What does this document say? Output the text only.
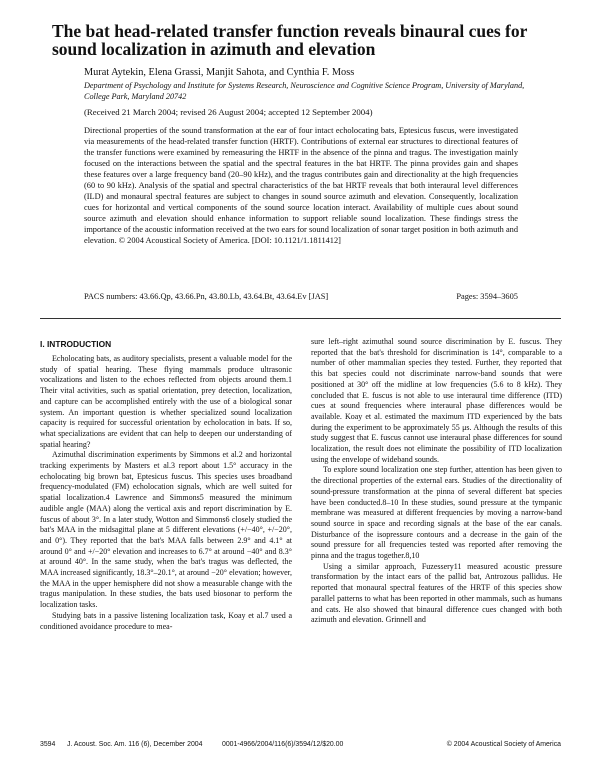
The bat head-related transfer function reveals binaural cues for sound localization in azimuth and elevation

Murat Aytekin, Elena Grassi, Manjit Sahota, and Cynthia F. Moss

Department of Psychology and Institute for Systems Research, Neuroscience and Cognitive Science Program, University of Maryland, College Park, Maryland 20742

(Received 21 March 2004; revised 26 August 2004; accepted 12 September 2004)

Directional properties of the sound transformation at the ear of four intact echolocating bats, Eptesicus fuscus, were investigated via measurements of the head-related transfer function (HRTF). Contributions of external ear structures to directional features of the transfer functions were examined by remeasuring the HRTF in the absence of the pinna and tragus. The investigation mainly focused on the interactions between the spatial and the spectral features in the bat HRTF. The pinna provides gain and shapes these features over a large frequency band (20–90 kHz), and the tragus contributes gain and directionality at the high frequencies (60 to 90 kHz). Analysis of the spatial and spectral characteristics of the bat HRTF reveals that both interaural level differences (ILD) and monaural spectral features are subject to changes in sound source azimuth and elevation. Consequently, localization cues for horizontal and vertical components of the sound source location interact. Availability of multiple cues about sound source azimuth and elevation should enhance information to support reliable sound localization. These findings stress the importance of the acoustic information received at the two ears for sound localization of sonar target position in both azimuth and elevation. © 2004 Acoustical Society of America. [DOI: 10.1121/1.1811412]

PACS numbers: 43.66.Qp, 43.66.Pn, 43.80.Lb, 43.64.Bt, 43.64.Ev [JAS]	Pages: 3594–3605

I. INTRODUCTION

Echolocating bats, as auditory specialists, present a valuable model for the study of spatial hearing. These flying mammals produce ultrasonic vocalizations and listen to the echoes reflected from objects around them.1 Their vital activities, such as spatial orientation, prey detection, localization, and capture can be accomplished entirely with the use of a biological sonar system. An important question is whether specialized sound localization capacity is required for successful orientation by echolocation in bats. If so, what specializations are evident that can help to deepen our understanding of spatial hearing?

Azimuthal discrimination experiments by Simmons et al.2 and horizontal tracking experiments by Masters et al.3 report about 1.5° accuracy in the echolocating big brown bat, Eptesicus fuscus. This species uses broadband frequency-modulated (FM) echolocation signals, which are well suited for spatial localization.4 Lawrence and Simmons5 measured the minimum audible angle (MAA) along the vertical axis and report discrimination by E. fuscus of about 3°. In a later study, Wotton and Simmons6 closely studied the bat's MAA in the midsagittal plane at 5 different elevations (+/−40°, +/−20°, and 0°). They reported that the bat's MAA falls between 2.9° and 4.1° at around 0° and +/−20° elevation and increases to 6.7° at around −40° and 8.3° at around 40°. In the same study, when the bat's tragus was deflected, the MAA increased significantly, 18.3°–20.1°, at around −20° elevation; however, the MAA in the upper hemisphere did not show a measurable change with the tragus manipulation. In these studies, the bats used biosonar to perform the localization tasks.

Studying bats in a passive listening localization task, Koay et al.7 used a conditioned avoidance procedure to mea-

sure left–right azimuthal sound source discrimination by E. fuscus. They reported that the bat's threshold for discrimination is 14°, comparable to a number of other mammalian species they tested. Further, they reported that this bat species could not discriminate narrow-band sounds that were positioned at 30° off the midline at low frequencies (5.6 to 8 kHz). They concluded that E. fuscus is not able to use interaural time difference (ITD) cues at sound frequencies where interaural phase differences would be available. Koay et al. estimated the maximum ITD experienced by the bats during the experiment to be approximately 55 μs. Although the results of this study suggest that E. fuscus cannot use interaural phase differences for sound localization, the result does not eliminate the possibility of ITD localization using the envelope of wideband sounds.

To explore sound localization one step further, attention has been given to the directional properties of the external ears. Studies of the directionality of sound-pressure transformation at the pinna of several different bat species have been conducted.8–10 In these studies, sound pressure at the tympanic membrane was measured at different frequencies by moving a narrow-band sound source in space and recording signals at the base of the ear canals. Disturbance of the isopressure contours and a decrease in the gain of the sound pressure for all frequencies tested was reported after removing the pinna and the tragus together.8,10

Using a similar approach, Fuzessery11 measured acoustic pressure transformation by the intact ears of the pallid bat, Antrozous pallidus. He reported that monaural spectral features of the HRTF of this species show parallel patterns to what has been reported in other mammals, such as humans and cats. He also showed that binaural difference cues changed with both azimuth and elevation. Grinnell and

3594 J. Acoust. Soc. Am. 116 (6), December 2004	0001-4966/2004/116(6)/3594/12/$20.00	© 2004 Acoustical Society of America
